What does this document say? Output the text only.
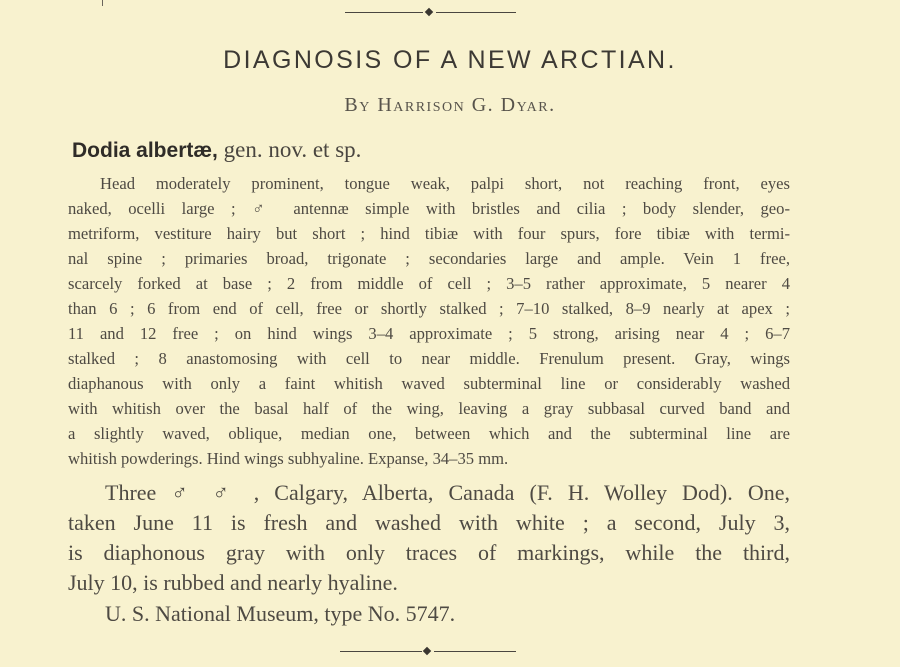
DIAGNOSIS OF A NEW ARCTIAN.
By Harrison G. Dyar.
Dodia albertæ, gen. nov. et sp.
Head moderately prominent, tongue weak, palpi short, not reaching front, eyes
naked, ocelli large ; ♂ antennæ simple with bristles and cilia ; body slender, geo-
metriform, vestiture hairy but short ; hind tibiæ with four spurs, fore tibiæ with termi-
nal spine ; primaries broad, trigonate ; secondaries large and ample. Vein 1 free,
scarcely forked at base ; 2 from middle of cell ; 3–5 rather approximate, 5 nearer 4
than 6 ; 6 from end of cell, free or shortly stalked ; 7–10 stalked, 8–9 nearly at apex ;
11 and 12 free ; on hind wings 3–4 approximate ; 5 strong, arising near 4 ; 6–7
stalked ; 8 anastomosing with cell to near middle. Frenulum present. Gray, wings
diaphanous with only a faint whitish waved subterminal line or considerably washed
with whitish over the basal half of the wing, leaving a gray subbasal curved band and
a slightly waved, oblique, median one, between which and the subterminal line are
whitish powderings. Hind wings subhyaline. Expanse, 34–35 mm.
Three ♂ ♂ , Calgary, Alberta, Canada (F. H. Wolley Dod). One,
taken June 11 is fresh and washed with white ; a second, July 3,
is diaphonous gray with only traces of markings, while the third,
July 10, is rubbed and nearly hyaline.
U. S. National Museum, type No. 5747.
